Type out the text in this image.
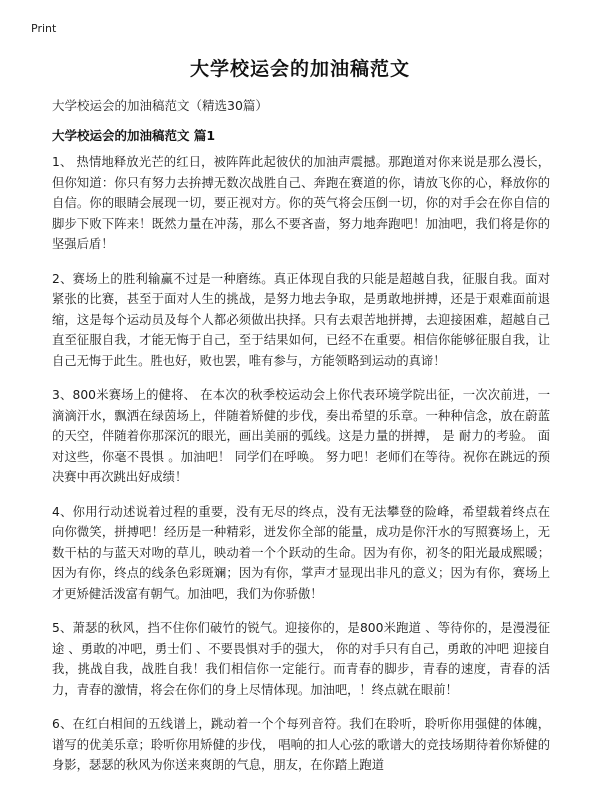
Print
大学校运会的加油稿范文
大学校运会的加油稿范文（精选30篇）
大学校运会的加油稿范文 篇1

1、 热情地释放光芒的红日，被阵阵此起彼伏的加油声震撼。那跑道对你来说是那么漫长，但你知道：你只有努力去拚搏无数次战胜自己、奔跑在赛道的你，请放飞你的心，释放你的自信。你的眼睛会展现一切，要正视对方。你的英气将会压倒一切，你的对手会在你自信的脚步下败下阵来！既然力量在冲荡，那么不要吝啬，努力地奔跑吧！加油吧，我们将是你的坚强后盾！

2、赛场上的胜利输赢不过是一种磨练。真正体现自我的只能是超越自我，征服自我。面对紧张的比赛，甚至于面对人生的挑战，是努力地去争取，是勇敢地拼搏，还是于艰难面前退缩，这是每个运动员及每个人都必须做出抉择。只有去艰苦地拼搏，去迎接困难，超越自己直至征服自我，才能无悔于自己，至于结果如何，已经不在重要。相信你能够征服自我，让自己无悔于此生。胜也好，败也罢，唯有参与，方能领略到运动的真谛！

3、800米赛场上的健将、 在本次的秋季校运动会上你代表环境学院出征，一次次前进，一滴滴汗水，飘洒在绿茵场上，伴随着矫健的步伐，奏出希望的乐章。一种种信念，放在蔚蓝的天空，伴随着你那深沉的眼光，画出美丽的弧线。这是力量的拼搏， 是 耐力的考验。 面对这些，你毫不畏惧 。加油吧！ 同学们在呼唤。 努力吧！老师们在等待。祝你在跳远的预决赛中再次跳出好成绩！

4、你用行动述说着过程的重要，没有无尽的终点，没有无法攀登的险峰，希望载着终点在向你微笑，拼搏吧！经历是一种精彩，迸发你全部的能量，成功是你汗水的写照赛场上，无数干枯的与蓝天对吻的草儿，映动着一个个跃动的生命。因为有你，初冬的阳光最成熙暖；因为有你，终点的线条色彩斑斓；因为有你，掌声才显现出非凡的意义；因为有你，赛场上才更矫健活泼富有朝气。加油吧，我们为你骄傲！

5、萧瑟的秋风，挡不住你们破竹的锐气。迎接你的，是800米跑道 、等待你的，是漫漫征途 、勇敢的冲吧，勇士们 、不要畏惧对手的强大， 你的对手只有自己，勇敢的冲吧 迎接自我，挑战自我，战胜自我！我们相信你一定能行。而青春的脚步，青春的速度，青春的活力，青春的激情，将会在你们的身上尽情体现。加油吧，！终点就在眼前！

6、在红白相间的五线谱上，跳动着一个个每列音符。我们在聆听，聆听你用强健的体魄，谱写的优美乐章；聆听你用矫健的步伐， 唱响的扣人心弦的歌谱大的竞技场期待着你矫健的身影，瑟瑟的秋风为你送来爽朗的气息，朋友，在你踏上跑道
